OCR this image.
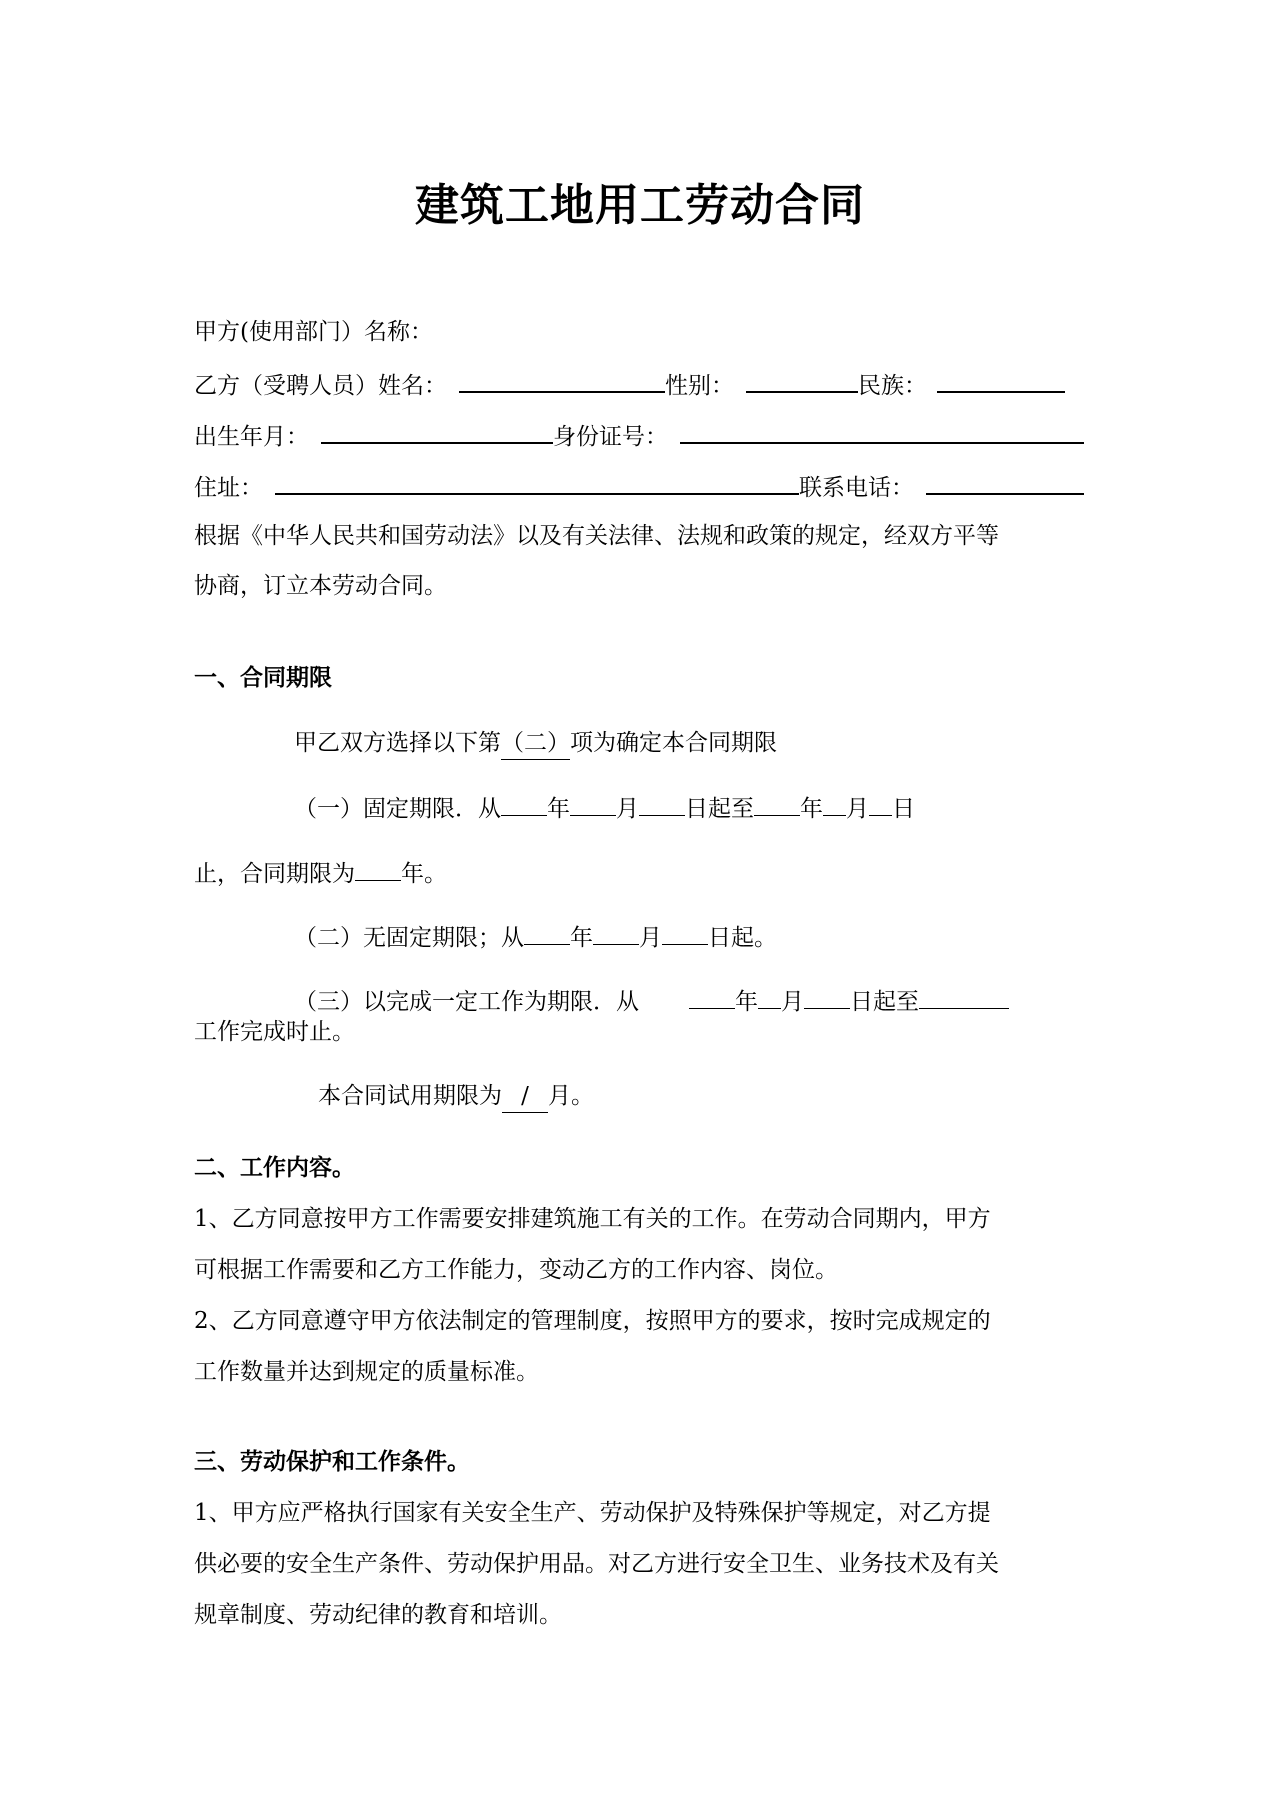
建筑工地用工劳动合同
甲方(使用部门）名称：
乙方（受聘人员）姓名：	性别：	民族：
出生年月：	身份证号：
住址：	联系电话：
根据《中华人民共和国劳动法》以及有关法律、法规和政策的规定，经双方平等
协商，订立本劳动合同。
一、合同期限
甲乙双方选择以下第（二）项为确定本合同期限
（一）固定期限．从 年 月 日起至 年 月 日
止，合同期限为 年。
（二）无固定期限；从 年 月 日起。
（三）以完成一定工作为期限．从	年 月 日起至
工作完成时止。
本合同试用期限为 / 月。
二、工作内容。
1、乙方同意按甲方工作需要安排建筑施工有关的工作。在劳动合同期内，甲方
可根据工作需要和乙方工作能力，变动乙方的工作内容、岗位。
2、乙方同意遵守甲方依法制定的管理制度，按照甲方的要求，按时完成规定的
工作数量并达到规定的质量标准。
三、劳动保护和工作条件。
1、甲方应严格执行国家有关安全生产、劳动保护及特殊保护等规定，对乙方提
供必要的安全生产条件、劳动保护用品。对乙方进行安全卫生、业务技术及有关
规章制度、劳动纪律的教育和培训。
